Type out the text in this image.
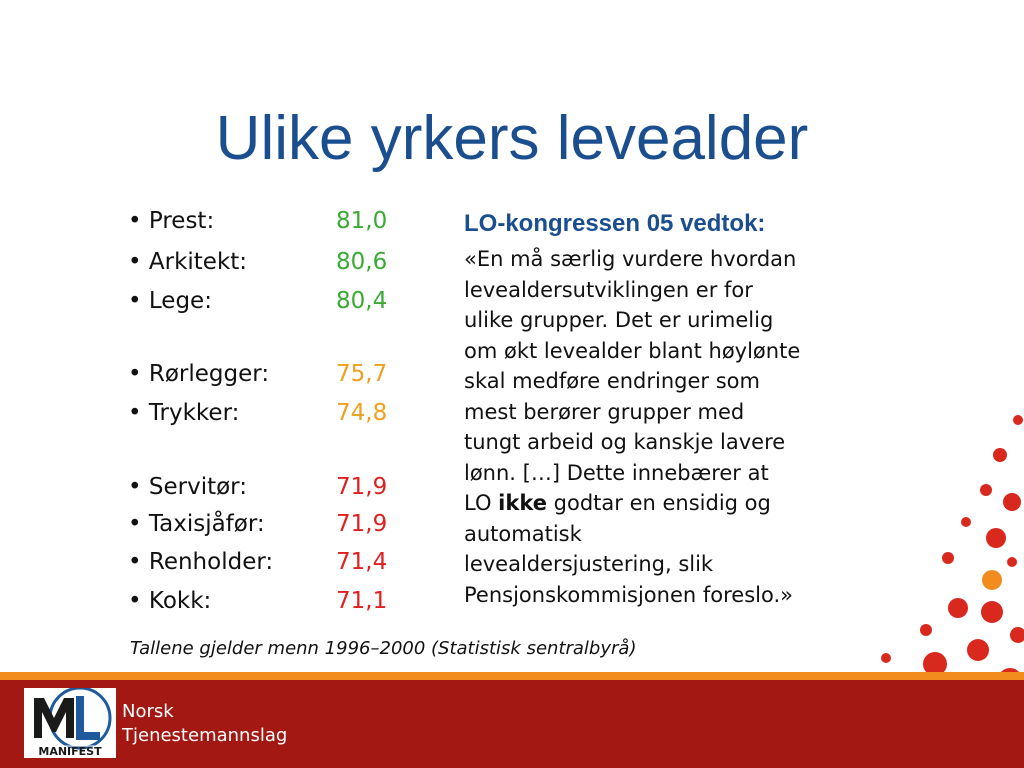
Ulike yrkers levealder
• Prest:	81,0
• Arkitekt:	80,6
• Lege:	80,4
• Rørlegger:	75,7
• Trykker:	74,8
• Servitør:	71,9
• Taxisjåfør:	71,9
• Renholder:	71,4
• Kokk:	71,1
LO-kongressen 05 vedtok:
«En må særlig vurdere hvordan
levealdersutviklingen er for
ulike grupper. Det er urimelig
om økt levealder blant høylønte
skal medføre endringer som
mest berører grupper med
tungt arbeid og kanskje lavere
lønn. […] Dette innebærer at
LO ikke godtar en ensidig og
automatisk
levealdersjustering, slik
Pensjonskommisjonen foreslo.»
Tallene gjelder menn 1996–2000 (Statistisk sentralbyrå)
MANIFEST
Norsk
Tjenestemannslag
